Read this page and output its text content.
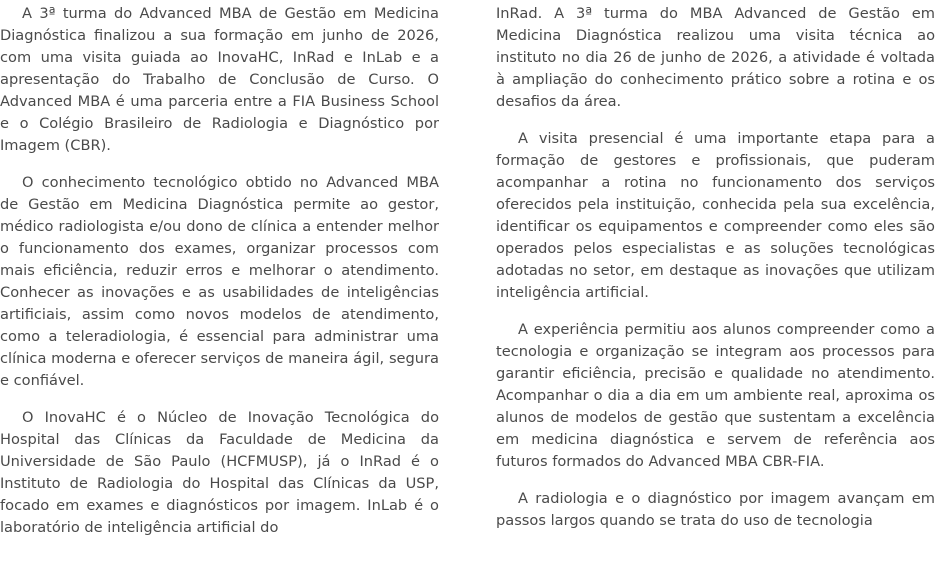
A 3ª turma do Advanced MBA de Gestão em Medicina Diagnóstica finalizou a sua formação em junho de 2026, com uma visita guiada ao InovaHC, InRad e InLab e a apresentação do Trabalho de Conclusão de Curso. O Advanced MBA é uma parceria entre a FIA Business School e o Colégio Brasileiro de Radiologia e Diagnóstico por Imagem (CBR).

O conhecimento tecnológico obtido no Advanced MBA de Gestão em Medicina Diagnóstica permite ao gestor, médico radiologista e/ou dono de clínica a entender melhor o funcionamento dos exames, organizar processos com mais eficiência, reduzir erros e melhorar o atendimento. Conhecer as inovações e as usabilidades de inteligências artificiais, assim como novos modelos de atendimento, como a teleradiologia, é essencial para administrar uma clínica moderna e oferecer serviços de maneira ágil, segura e confiável.

O InovaHC é o Núcleo de Inovação Tecnológica do Hospital das Clínicas da Faculdade de Medicina da Universidade de São Paulo (HCFMUSP), já o InRad é o Instituto de Radiologia do Hospital das Clínicas da USP, focado em exames e diagnósticos por imagem. InLab é o laboratório de inteligência artificial do

InRad. A 3ª turma do MBA Advanced de Gestão em Medicina Diagnóstica realizou uma visita técnica ao instituto no dia 26 de junho de 2026, a atividade é voltada à ampliação do conhecimento prático sobre a rotina e os desafios da área.

A visita presencial é uma importante etapa para a formação de gestores e profissionais, que puderam acompanhar a rotina no funcionamento dos serviços oferecidos pela instituição, conhecida pela sua excelência, identificar os equipamentos e compreender como eles são operados pelos especialistas e as soluções tecnológicas adotadas no setor, em destaque as inovações que utilizam inteligência artificial.

A experiência permitiu aos alunos compreender como a tecnologia e organização se integram aos processos para garantir eficiência, precisão e qualidade no atendimento. Acompanhar o dia a dia em um ambiente real, aproxima os alunos de modelos de gestão que sustentam a excelência em medicina diagnóstica e servem de referência aos futuros formados do Advanced MBA CBR-FIA.

A radiologia e o diagnóstico por imagem avançam em passos largos quando se trata do uso de tecnologia
